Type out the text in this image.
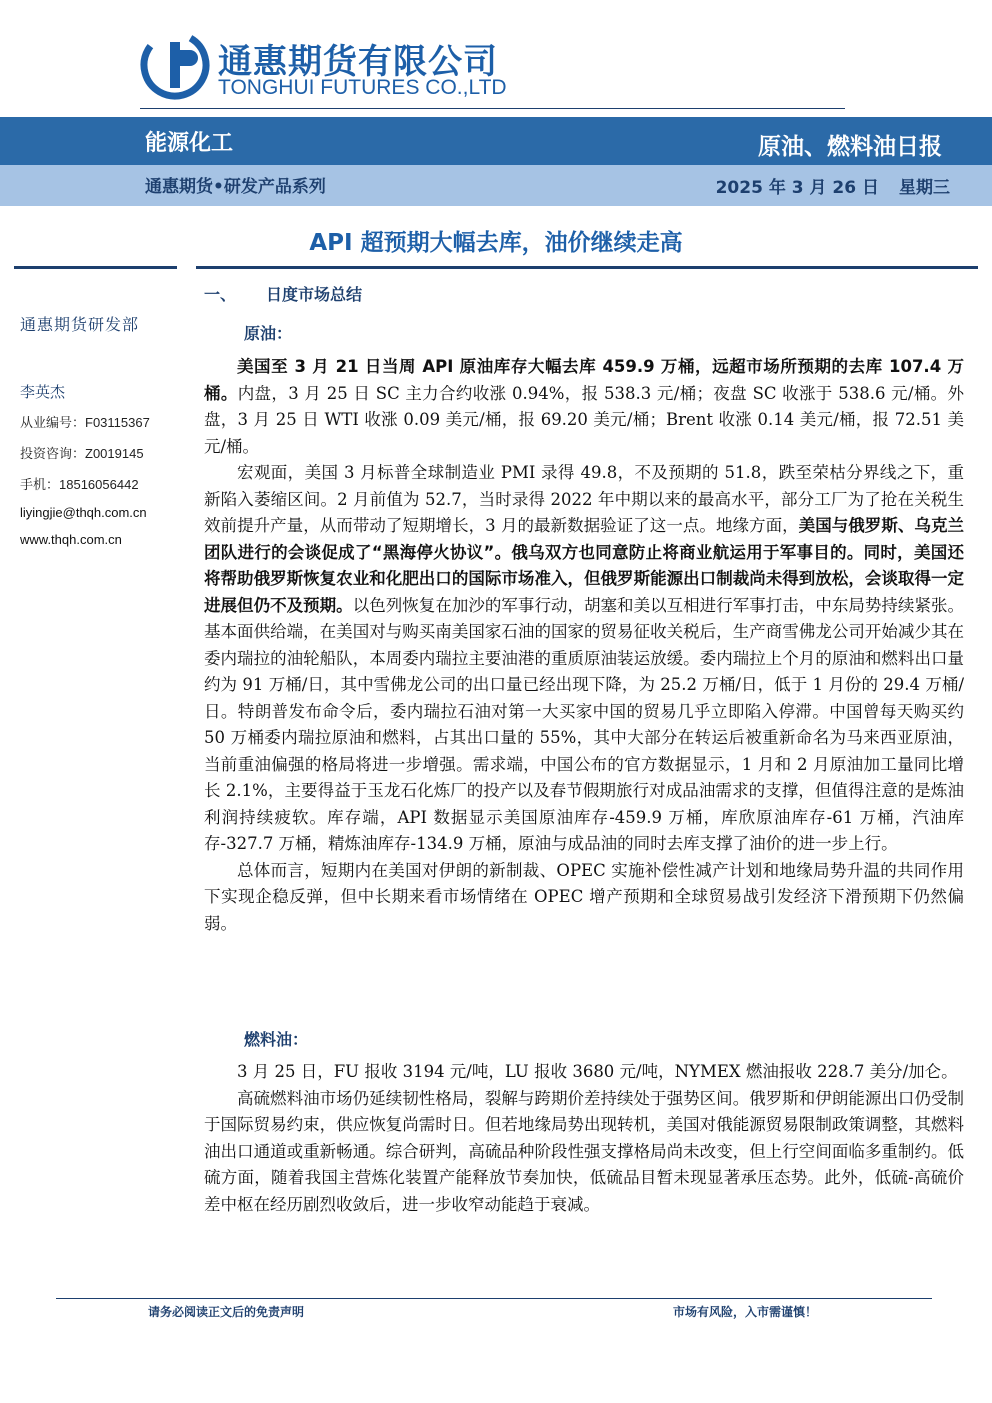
通惠期货有限公司
TONGHUI FUTURES CO.,LTD
能源化工	原油、燃料油日报
通惠期货•研发产品系列	2025 年 3 月 26 日 星期三
API 超预期大幅去库，油价继续走高
通惠期货研发部
李英杰
从业编号：F03115367
投资咨询：Z0019145
手机：18516056442
liyingjie@thqh.com.cn
www.thqh.com.cn
一、 日度市场总结
原油：

美国至 3 月 21 日当周 API 原油库存大幅去库 459.9 万桶，远超市场所预期的去库 107.4 万桶。内盘，3 月 25 日 SC 主力合约收涨 0.94%，报 538.3 元/桶；夜盘 SC 收涨于 538.6 元/桶。外盘，3 月 25 日 WTI 收涨 0.09 美元/桶，报 69.20 美元/桶；Brent 收涨 0.14 美元/桶，报 72.51 美元/桶。

宏观面，美国 3 月标普全球制造业 PMI 录得 49.8，不及预期的 51.8，跌至荣枯分界线之下，重新陷入萎缩区间。2 月前值为 52.7，当时录得 2022 年中期以来的最高水平，部分工厂为了抢在关税生效前提升产量，从而带动了短期增长，3 月的最新数据验证了这一点。地缘方面，美国与俄罗斯、乌克兰团队进行的会谈促成了“黑海停火协议”。俄乌双方也同意防止将商业航运用于军事目的。同时，美国还将帮助俄罗斯恢复农业和化肥出口的国际市场准入，但俄罗斯能源出口制裁尚未得到放松，会谈取得一定进展但仍不及预期。以色列恢复在加沙的军事行动，胡塞和美以互相进行军事打击，中东局势持续紧张。基本面供给端，在美国对与购买南美国家石油的国家的贸易征收关税后，生产商雪佛龙公司开始减少其在委内瑞拉的油轮船队，本周委内瑞拉主要油港的重质原油装运放缓。委内瑞拉上个月的原油和燃料出口量约为 91 万桶/日，其中雪佛龙公司的出口量已经出现下降，为 25.2 万桶/日，低于 1 月份的 29.4 万桶/日。特朗普发布命令后，委内瑞拉石油对第一大买家中国的贸易几乎立即陷入停滞。中国曾每天购买约 50 万桶委内瑞拉原油和燃料，占其出口量的 55%，其中大部分在转运后被重新命名为马来西亚原油，当前重油偏强的格局将进一步增强。需求端，中国公布的官方数据显示，1 月和 2 月原油加工量同比增长 2.1%，主要得益于玉龙石化炼厂的投产以及春节假期旅行对成品油需求的支撑，但值得注意的是炼油利润持续疲软。库存端，API 数据显示美国原油库存-459.9 万桶，库欣原油库存-61 万桶，汽油库存-327.7 万桶，精炼油库存-134.9 万桶，原油与成品油的同时去库支撑了油价的进一步上行。

总体而言，短期内在美国对伊朗的新制裁、OPEC 实施补偿性减产计划和地缘局势升温的共同作用下实现企稳反弹，但中长期来看市场情绪在 OPEC 增产预期和全球贸易战引发经济下滑预期下仍然偏弱。

燃料油：

3 月 25 日，FU 报收 3194 元/吨，LU 报收 3680 元/吨，NYMEX 燃油报收 228.7 美分/加仑。

高硫燃料油市场仍延续韧性格局，裂解与跨期价差持续处于强势区间。俄罗斯和伊朗能源出口仍受制于国际贸易约束，供应恢复尚需时日。但若地缘局势出现转机，美国对俄能源贸易限制政策调整，其燃料油出口通道或重新畅通。综合研判，高硫品种阶段性强支撑格局尚未改变，但上行空间面临多重制约。低硫方面，随着我国主营炼化装置产能释放节奏加快，低硫品目暂未现显著承压态势。此外，低硫-高硫价差中枢在经历剧烈收敛后，进一步收窄动能趋于衰减。

请务必阅读正文后的免责声明	市场有风险，入市需谨慎！
